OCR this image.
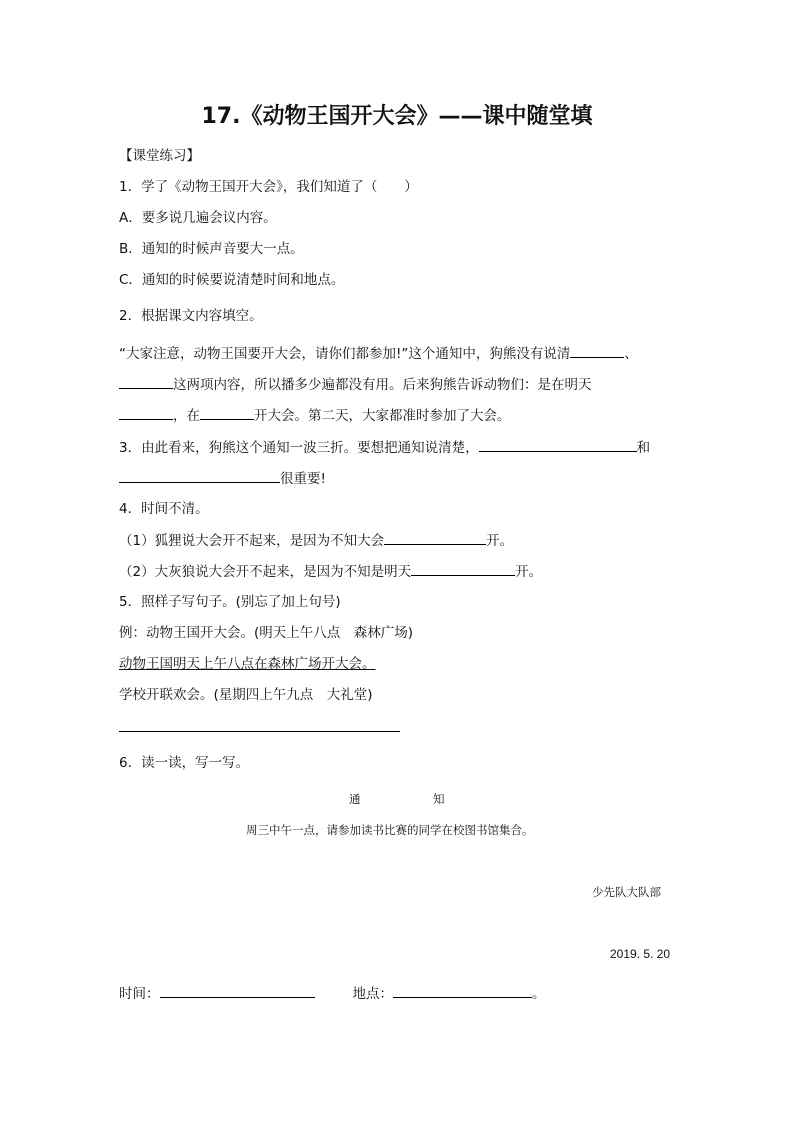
17.《动物王国开大会》——课中随堂填
【课堂练习】
1．学了《动物王国开大会》，我们知道了（　　）
A．要多说几遍会议内容。
B．通知的时候声音要大一点。
C．通知的时候要说清楚时间和地点。
2．根据课文内容填空。
“大家注意，动物王国要开大会，请你们都参加!”这个通知中，狗熊没有说清	、
这两项内容，所以播多少遍都没有用。后来狗熊告诉动物们：是在明天
，在	开大会。第二天，大家都准时参加了大会。
3．由此看来，狗熊这个通知一波三折。要想把通知说清楚，	和
很重要!
4．时间不清。
（1）狐狸说大会开不起来，是因为不知大会	开。
（2）大灰狼说大会开不起来，是因为不知是明天	开。
5．照样子写句子。(别忘了加上句号)
例：动物王国开大会。(明天上午八点　森林广场)
动物王国明天上午八点在森林广场开大会。
学校开联欢会。(星期四上午九点　大礼堂)
6．读一读，写一写。
通	知
周三中午一点，请参加读书比赛的同学在校图书馆集合。
少先队大队部
2019. 5. 20
时间：	地点：	。
